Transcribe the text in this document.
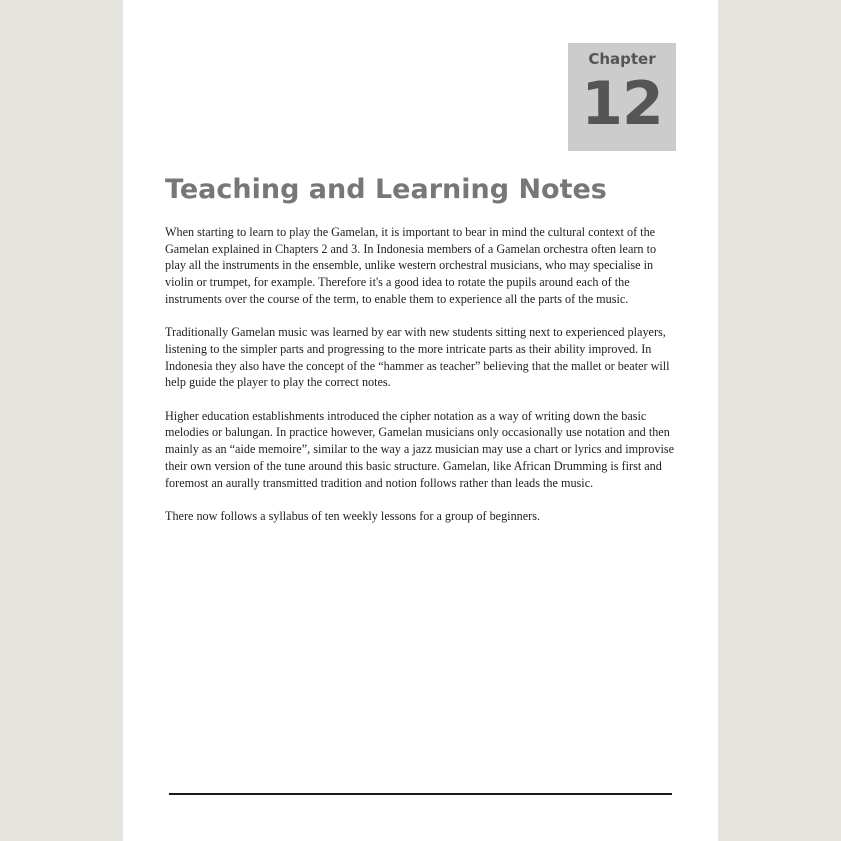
Chapter
12
Teaching and Learning Notes

When starting to learn to play the Gamelan, it is important to bear in mind the cultural context of the Gamelan explained in Chapters 2 and 3. In Indonesia members of a Gamelan orchestra often learn to play all the instruments in the ensemble, unlike western orchestral musicians, who may specialise in violin or trumpet, for example. Therefore it's a good idea to rotate the pupils around each of the instruments over the course of the term, to enable them to experience all the parts of the music.

Traditionally Gamelan music was learned by ear with new students sitting next to experienced players, listening to the simpler parts and progressing to the more intricate parts as their ability improved. In Indonesia they also have the concept of the “hammer as teacher” believing that the mallet or beater will help guide the player to play the correct notes.

Higher education establishments introduced the cipher notation as a way of writing down the basic melodies or balungan. In practice however, Gamelan musicians only occasionally use notation and then mainly as an “aide memoire”, similar to the way a jazz musician may use a chart or lyrics and improvise their own version of the tune around this basic structure. Gamelan, like African Drumming is first and foremost an aurally transmitted tradition and notion follows rather than leads the music.

There now follows a syllabus of ten weekly lessons for a group of beginners.
